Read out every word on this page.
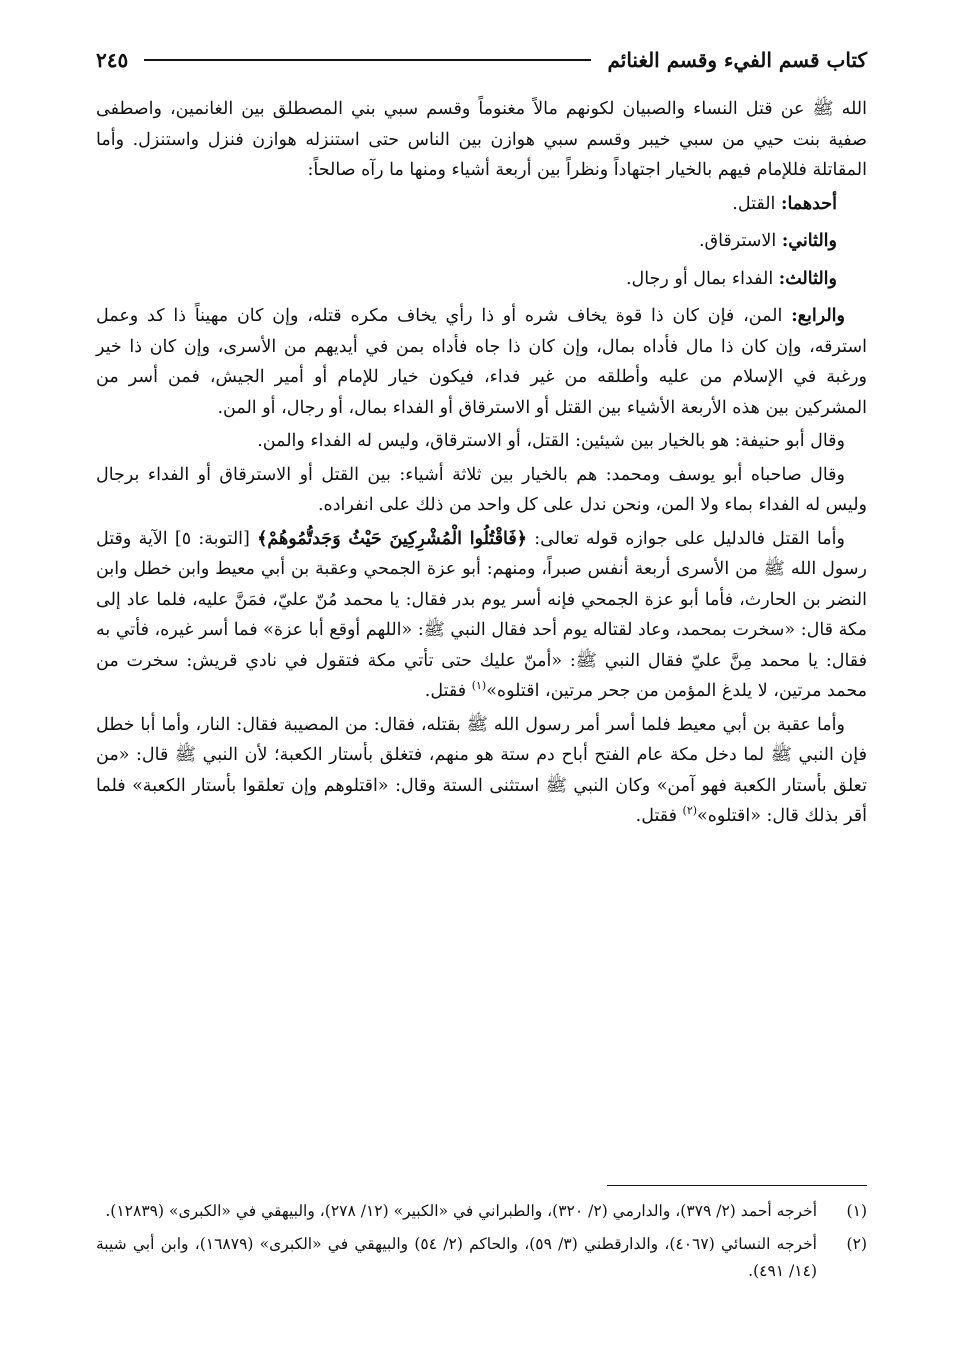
كتاب قسم الفيء وقسم الغنائم
٢٤٥

الله ﷺ عن قتل النساء والصبيان لكونهم مالاً مغنوماً وقسم سبي بني المصطلق بين الغانمين، واصطفى صفية بنت حيي من سبي خيبر وقسم سبي هوازن بين الناس حتى استنزله هوازن فنزل واستنزل. وأما المقاتلة فللإمام فيهم بالخيار اجتهاداً ونظراً بين أربعة أشياء ومنها ما رآه صالحاً:

أحدهما: القتل.

والثاني: الاسترقاق.

والثالث: الفداء بمال أو رجال.

والرابع: المن، فإن كان ذا قوة يخاف شره أو ذا رأي يخاف مكره قتله، وإن كان مهيناً ذا كد وعمل استرقه، وإن كان ذا مال فأداه بمال، وإن كان ذا جاه فأداه بمن في أيديهم من الأسرى، وإن كان ذا خير ورغبة في الإسلام من عليه وأطلقه من غير فداء، فيكون خيار للإمام أو أمير الجيش، فمن أسر من المشركين بين هذه الأربعة الأشياء بين القتل أو الاسترقاق أو الفداء بمال، أو رجال، أو المن.

وقال أبو حنيفة: هو بالخيار بين شيئين: القتل، أو الاسترقاق، وليس له الفداء والمن.

وقال صاحباه أبو يوسف ومحمد: هم بالخيار بين ثلاثة أشياء: بين القتل أو الاسترقاق أو الفداء برجال وليس له الفداء بماء ولا المن، ونحن ندل على كل واحد من ذلك على انفراده.

وأما القتل فالدليل على جوازه قوله تعالى: ﴿فَاقْتُلُوا الْمُشْرِكِينَ حَيْثُ وَجَدتُّمُوهُمْ﴾ [التوبة: ٥] الآية وقتل رسول الله ﷺ من الأسرى أربعة أنفس صبراً، ومنهم: أبو عزة الجمحي وعقبة بن أبي معيط وابن خطل وابن النضر بن الحارث، فأما أبو عزة الجمحي فإنه أسر يوم بدر فقال: يا محمد مُنّ عليّ، فمَنَّ عليه، فلما عاد إلى مكة قال: «سخرت بمحمد، وعاد لقتاله يوم أحد فقال النبي ﷺ: «اللهم أوقع أبا عزة» فما أسر غيره، فأتي به فقال: يا محمد مِنَّ عليّ فقال النبي ﷺ: «أمنّ عليك حتى تأتي مكة فتقول في نادي قريش: سخرت من محمد مرتين، لا يلدغ المؤمن من جحر مرتين، اقتلوه»$^{(١)}$ فقتل.

وأما عقبة بن أبي معيط فلما أسر أمر رسول الله ﷺ بقتله، فقال: من المصيبة فقال: النار، وأما أبا خطل فإن النبي ﷺ لما دخل مكة عام الفتح أباح دم ستة هو منهم، فتغلق بأستار الكعبة؛ لأن النبي ﷺ قال: «من تعلق بأستار الكعبة فهو آمن» وكان النبي ﷺ استثنى الستة وقال: «اقتلوهم وإن تعلقوا بأستار الكعبة» فلما أقر بذلك قال: «اقتلوه»$^{(٢)}$ فقتل.

(١)
أخرجه أحمد (٢/ ٣٧٩)، والدارمي (٢/ ٣٢٠)، والطبراني في «الكبير» (١٢/ ٢٧٨)، والبيهقي في «الكبرى» (١٢٨٣٩).
(٢)
أخرجه النسائي (٤٠٦٧)، والدارقطني (٣/ ٥٩)، والحاكم (٢/ ٥٤) والبيهقي في «الكبرى» (١٦٨٧٩)، وابن أبي شيبة (١٤/ ٤٩١).
